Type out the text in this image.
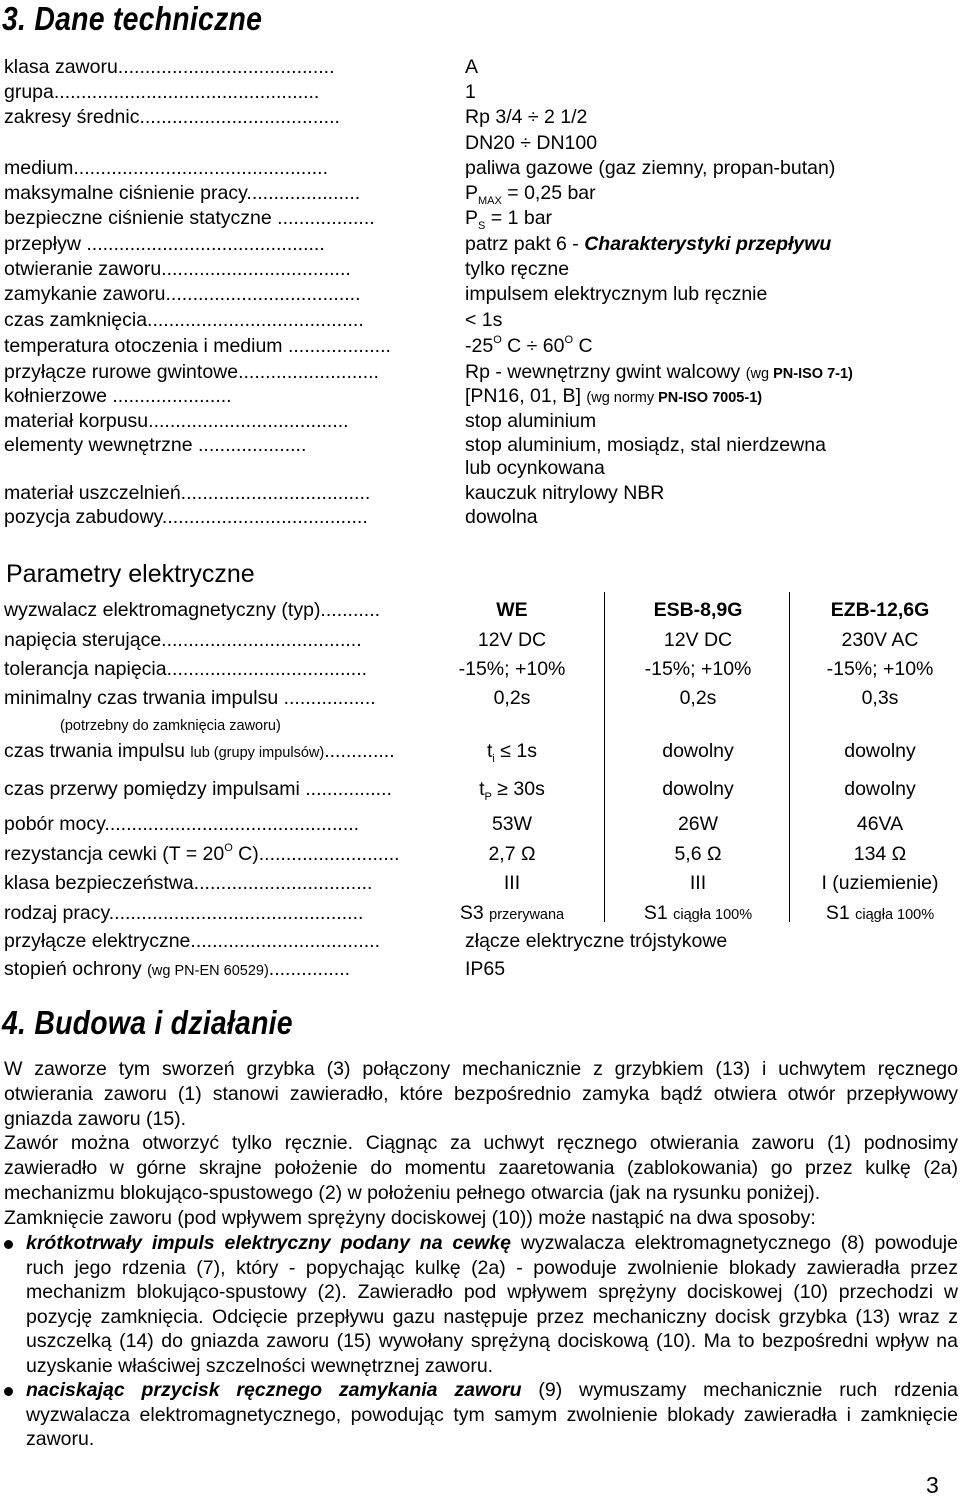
3. Dane techniczne
klasa zaworu........................................	A
grupa.................................................	1
zakresy średnic.....................................	Rp 3/4 ÷ 2 1/2
DN20 ÷ DN100
medium...............................................	paliwa gazowe (gaz ziemny, propan-butan)
maksymalne ciśnienie pracy.....................	$P_{MAX} = 0,25$ bar
bezpieczne ciśnienie statyczne ..................	$P_S = 1$ bar
przepływ ............................................	patrz pakt 6 - Charakterystyki przepływu
otwieranie zaworu...................................	tylko ręczne
zamykanie zaworu....................................	impulsem elektrycznym lub ręcznie
czas zamknięcia........................................	< 1s
temperatura otoczenia i medium ...................	$-25^O$ $C \div 60^O$ C
przyłącze rurowe gwintowe..........................	Rp - wewnętrzny gwint walcowy (wg PN-ISO 7-1)
kołnierzowe ......................	[PN16, 01, B] (wg normy PN-ISO 7005-1)
materiał korpusu.....................................	stop aluminium
elementy wewnętrzne ....................	stop aluminium, mosiądz, stal nierdzewna
lub ocynkowana
materiał uszczelnień...................................	kauczuk nitrylowy NBR
pozycja zabudowy......................................	dowolna
Parametry elektryczne
wyzwalacz elektromagnetyczny (typ)...........	WE	ESB-8,9G	EZB-12,6G
napięcia sterujące.....................................	12V DC	12V DC	230V AC
tolerancja napięcia.....................................	-15%; +10%	-15%; +10%	-15%; +10%
minimalny czas trwania impulsu .................	0,2s	0,2s	0,3s
(potrzebny do zamknięcia zaworu)
czas trwania impulsu lub (grupy impulsów).............	$t_i \le 1s$	dowolny	dowolny
czas przerwy pomiędzy impulsami ................	$t_P \ge 30s$	dowolny	dowolny
pobór mocy...............................................	53W	26W	46VA
rezystancja cewki ($T = 20^O$ C)..........................	2,7 Ω	5,6 Ω	134 Ω
klasa bezpieczeństwa.................................	III	III	I (uziemienie)
rodzaj pracy...............................................	S3 przerywana	S1 ciągła 100%	S1 ciągła 100%
przyłącze elektryczne...................................	złącze elektryczne trójstykowe
stopień ochrony (wg PN-EN 60529)...............	IP65
4. Budowa i działanie
W zaworze tym sworzeń grzybka (3) połączony mechanicznie z grzybkiem (13) i uchwytem ręcznego otwierania zaworu (1) stanowi zawieradło, które bezpośrednio zamyka bądź otwiera otwór przepływowy gniazda zaworu (15).
Zawór można otworzyć tylko ręcznie. Ciągnąc za uchwyt ręcznego otwierania zaworu (1) podnosimy zawieradło w górne skrajne położenie do momentu zaaretowania (zablokowania) go przez kulkę (2a) mechanizmu blokująco-spustowego (2) w położeniu pełnego otwarcia (jak na rysunku poniżej).
Zamknięcie zaworu (pod wpływem sprężyny dociskowej (10)) może nastąpić na dwa sposoby:
krótkotrwały impuls elektryczny podany na cewkę wyzwalacza elektromagnetycznego (8) powoduje ruch jego rdzenia (7), który - popychając kulkę (2a) - powoduje zwolnienie blokady zawieradła przez mechanizm blokująco-spustowy (2). Zawieradło pod wpływem sprężyny dociskowej (10) przechodzi w pozycję zamknięcia. Odcięcie przepływu gazu następuje przez mechaniczny docisk grzybka (13) wraz z uszczelką (14) do gniazda zaworu (15) wywołany sprężyną dociskową (10). Ma to bezpośredni wpływ na uzyskanie właściwej szczelności wewnętrznej zaworu.
naciskając przycisk ręcznego zamykania zaworu (9) wymuszamy mechanicznie ruch rdzenia wyzwalacza elektromagnetycznego, powodując tym samym zwolnienie blokady zawieradła i zamknięcie zaworu.
3
